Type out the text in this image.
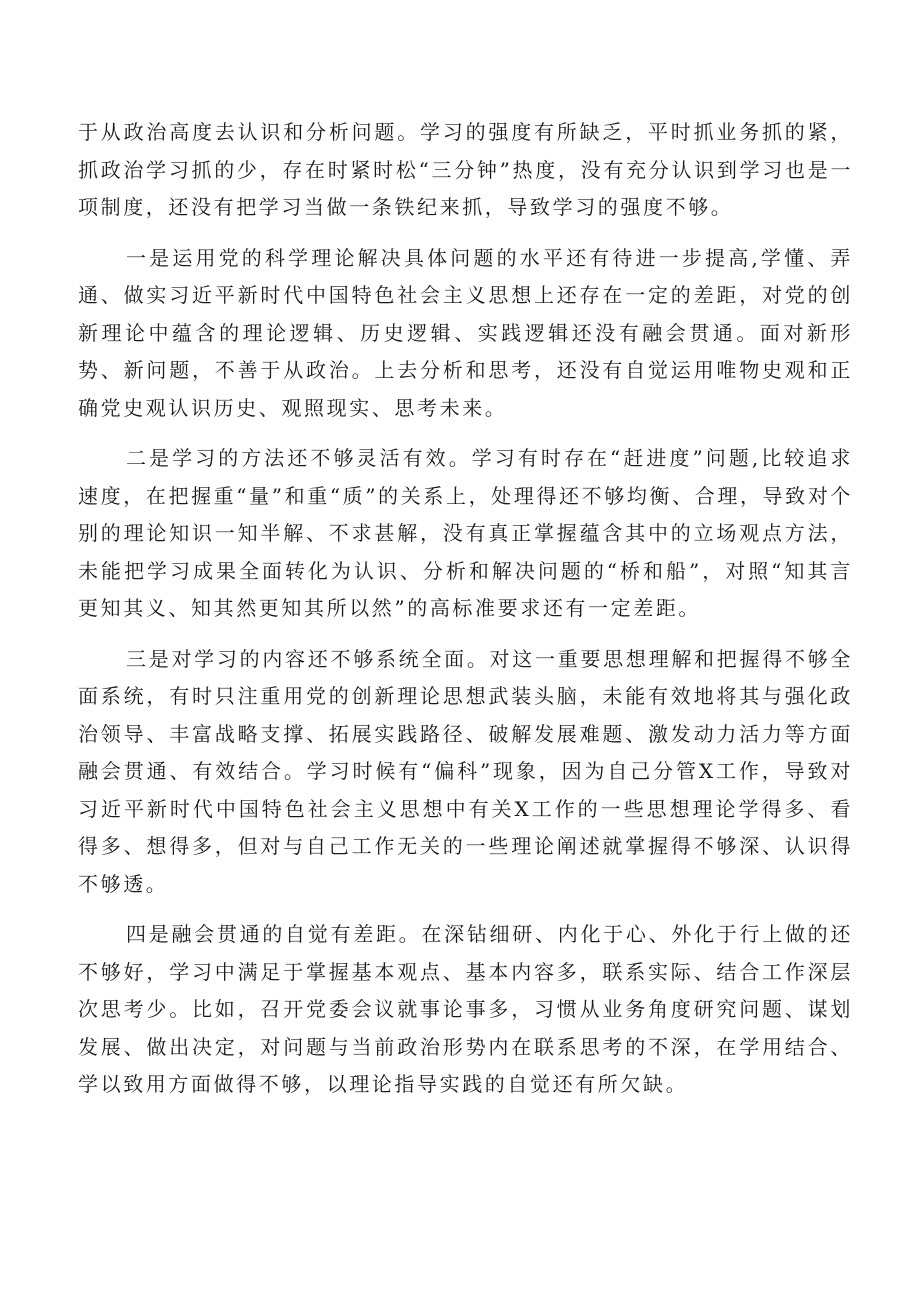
于从政治高度去认识和分析问题。学习的强度有所缺乏，平时抓业务抓的紧，抓政治学习抓的少，存在时紧时松“三分钟”热度，没有充分认识到学习也是一项制度，还没有把学习当做一条铁纪来抓，导致学习的强度不够。

一是运用党的科学理论解决具体问题的水平还有待进一步提高,学懂、弄通、做实习近平新时代中国特色社会主义思想上还存在一定的差距，对党的创新理论中蕴含的理论逻辑、历史逻辑、实践逻辑还没有融会贯通。面对新形势、新问题，不善于从政治。上去分析和思考，还没有自觉运用唯物史观和正确党史观认识历史、观照现实、思考未来。

二是学习的方法还不够灵活有效。学习有时存在“赶进度”问题,比较追求速度，在把握重“量”和重“质”的关系上，处理得还不够均衡、合理，导致对个别的理论知识一知半解、不求甚解，没有真正掌握蕴含其中的立场观点方法，未能把学习成果全面转化为认识、分析和解决问题的“桥和船”，对照“知其言更知其义、知其然更知其所以然”的高标准要求还有一定差距。

三是对学习的内容还不够系统全面。对这一重要思想理解和把握得不够全面系统，有时只注重用党的创新理论思想武装头脑，未能有效地将其与强化政治领导、丰富战略支撑、拓展实践路径、破解发展难题、激发动力活力等方面融会贯通、有效结合。学习时候有“偏科”现象，因为自己分管X工作，导致对习近平新时代中国特色社会主义思想中有关X工作的一些思想理论学得多、看得多、想得多，但对与自己工作无关的一些理论阐述就掌握得不够深、认识得不够透。

四是融会贯通的自觉有差距。在深钻细研、内化于心、外化于行上做的还不够好，学习中满足于掌握基本观点、基本内容多，联系实际、结合工作深层次思考少。比如，召开党委会议就事论事多，习惯从业务角度研究问题、谋划发展、做出决定，对问题与当前政治形势内在联系思考的不深，在学用结合、学以致用方面做得不够，以理论指导实践的自觉还有所欠缺。
